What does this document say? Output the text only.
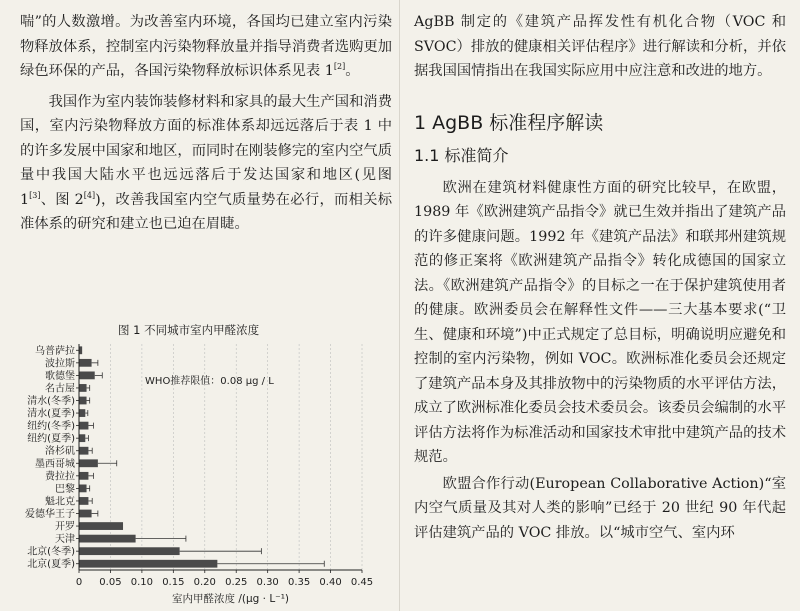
喘”的人数激增。为改善室内环境，各国均已建立室内污染物释放体系，控制室内污染物释放量并指导消费者选购更加绿色环保的产品，各国污染物释放标识体系见表 1[2]。

我国作为室内装饰装修材料和家具的最大生产国和消费国，室内污染物释放方面的标准体系却远远落后于表 1 中的许多发展中国家和地区，而同时在刚装修完的室内空气质量中我国大陆水平也远远落后于发达国家和地区(见图 1[3]、图 2[4])，改善我国室内空气质量势在必行，而相关标准体系的研究和建立也已迫在眉睫。

图 1 不同城市室内甲醛浓度
乌普萨拉
波拉斯
歌德堡
名古屋
清水(冬季)
清水(夏季)
纽约(冬季)
纽约(夏季)
洛杉矶
墨西哥城
费拉拉
巴黎
魁北克
爱德华王子
开罗
天津
北京(冬季)
北京(夏季)
0 0.05 0.10 0.15 0.20 0.25 0.30 0.35 0.40 0.45
WHO推荐限值：0.08 μg / L
室内甲醛浓度 /(μg · L⁻¹)

AgBB 制定的《建筑产品挥发性有机化合物（VOC 和 SVOC）排放的健康相关评估程序》进行解读和分析，并依据我国国情指出在我国实际应用中应注意和改进的地方。

1 AgBB 标准程序解读
1.1 标准简介

欧洲在建筑材料健康性方面的研究比较早，在欧盟，1989 年《欧洲建筑产品指令》就已生效并指出了建筑产品的许多健康问题。1992 年《建筑产品法》和联邦州建筑规范的修正案将《欧洲建筑产品指令》转化成德国的国家立法。《欧洲建筑产品指令》的目标之一在于保护建筑使用者的健康。欧洲委员会在解释性文件——三大基本要求(“卫生、健康和环境”)中正式规定了总目标，明确说明应避免和控制的室内污染物，例如 VOC。欧洲标准化委员会还规定了建筑产品本身及其排放物中的污染物质的水平评估方法，成立了欧洲标准化委员会技术委员会。该委员会编制的水平评估方法将作为标准活动和国家技术审批中建筑产品的技术规范。

欧盟合作行动(European Collaborative Action)“室内空气质量及其对人类的影响”已经于 20 世纪 90 年代起评估建筑产品的 VOC 排放。以“城市空气、室内环
